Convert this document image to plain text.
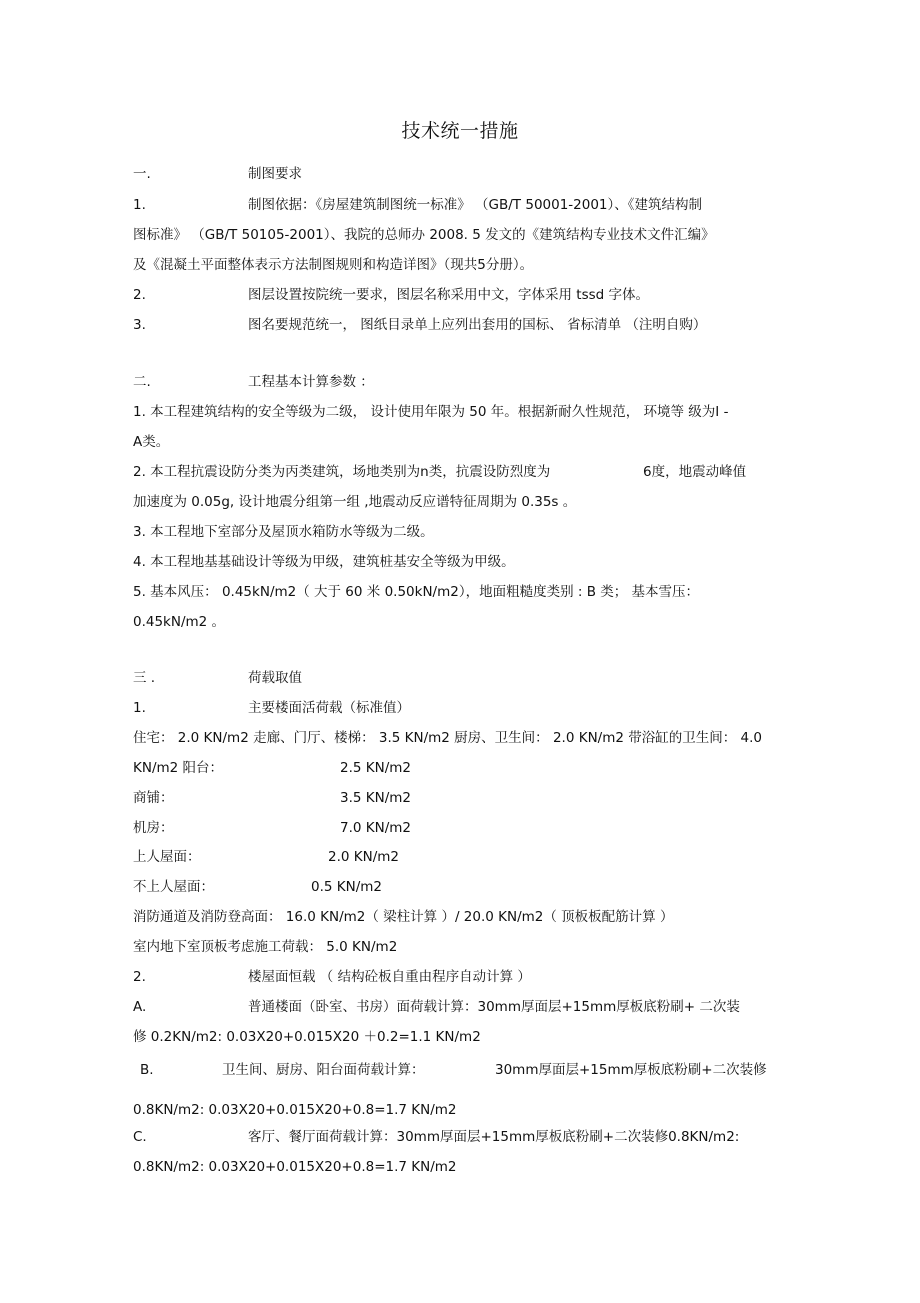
技术统一措施
一.	制图要求
1.	制图依据：《房屋建筑制图统一标准》 （GB/T 50001-2001）、《建筑结构制
图标准》 （GB/T 50105-2001）、我院的总师办 2008. 5 发文的《建筑结构专业技术文件汇编》
及《混凝土平面整体表示方法制图规则和构造详图》（现共5分册）。
2.	图层设置按院统一要求，图层名称采用中文，字体采用 tssd 字体。
3.	图名要规范统一， 图纸目录单上应列出套用的国标、 省标清单 （注明自购）
二.	工程基本计算参数 ：
1. 本工程建筑结构的安全等级为二级， 设计使用年限为 50 年。根据新耐久性规范， 环境等 级为I -
A类。
2. 本工程抗震设防分类为丙类建筑，场地类别为n类，抗震设防烈度为	6度，地震动峰值
加速度为 0.05g, 设计地震分组第一组 ,地震动反应谱特征周期为 0.35s 。
3. 本工程地下室部分及屋顶水箱防水等级为二级。
4. 本工程地基基础设计等级为甲级，建筑桩基安全等级为甲级。
5. 基本风压： 0.45kN/m2（ 大于 60 米 0.50kN/m2），地面粗糙度类别 : B 类； 基本雪压：
0.45kN/m2 。
三 .	荷载取值
1.	主要楼面活荷载（标准值）
住宅： 2.0 KN/m2 走廊、门厅、楼梯： 3.5 KN/m2 厨房、卫生间： 2.0 KN/m2 带浴缸的卫生间： 4.0
KN/m2 阳台：	2.5 KN/m2
商铺：	3.5 KN/m2
机房：	7.0 KN/m2
上人屋面：	2.0 KN/m2
不上人屋面：	0.5 KN/m2
消防通道及消防登高面： 16.0 KN/m2（ 梁柱计算 ）/ 20.0 KN/m2（ 顶板板配筋计算 ）
室内地下室顶板考虑施工荷载： 5.0 KN/m2
2.	楼屋面恒载 （ 结构砼板自重由程序自动计算 ）
A.	普通楼面（卧室、书房）面荷载计算：30mm厚面层+15mm厚板底粉刷+ 二次装
修 0.2KN/m2: 0.03X20+0.015X20 ＋0.2=1.1 KN/m2
B.	卫生间、厨房、阳台面荷载计算：	30mm厚面层+15mm厚板底粉刷+二次装修
0.8KN/m2: 0.03X20+0.015X20+0.8=1.7 KN/m2
C.	客厅、餐厅面荷载计算：30mm厚面层+15mm厚板底粉刷+二次装修0.8KN/m2:
0.8KN/m2: 0.03X20+0.015X20+0.8=1.7 KN/m2
